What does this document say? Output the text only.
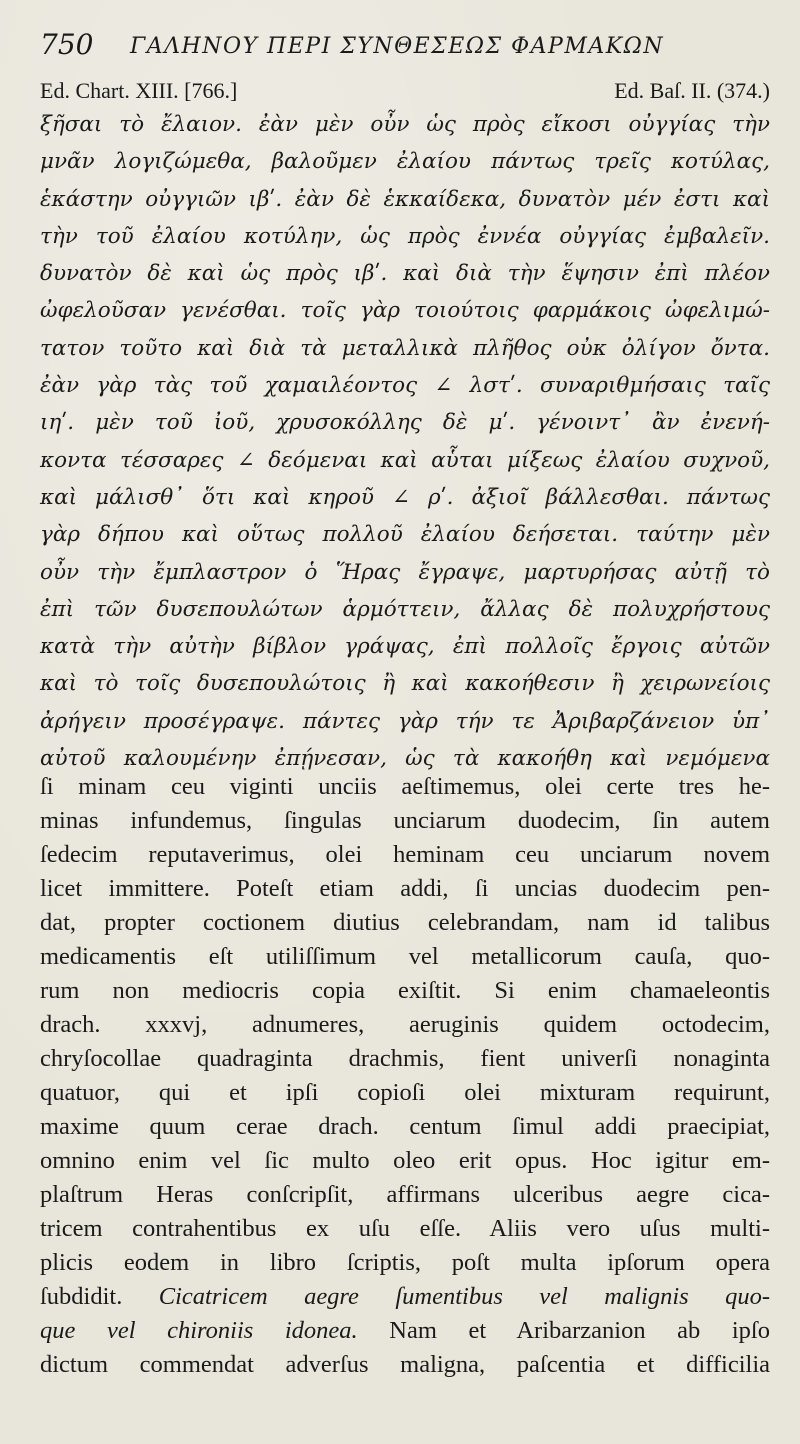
750 ΓΑΛΗΝΟΥ ΠΕΡΙ ΣΥΝΘΕΣΕΩΣ ΦΑΡΜΑΚΩΝ
Ed. Chart. XIII. [766.]	Ed. Baſ. II. (374.)
ξῆσαι τὸ ἔλαιον. ἐὰν μὲν οὖν ὡς πρὸς εἴκοσι οὐγγίας τὴν
μνᾶν λογιζώμεθα, βαλοῦμεν ἐλαίου πάντως τρεῖς κοτύλας,
ἑκάστην οὐγγιῶν ιβʹ. ἐὰν δὲ ἑκκαίδεκα, δυνατὸν μέν ἐστι καὶ
τὴν τοῦ ἐλαίου κοτύλην, ὡς πρὸς ἐννέα οὐγγίας ἐμβαλεῖν.
δυνατὸν δὲ καὶ ὡς πρὸς ιβʹ. καὶ διὰ τὴν ἕψησιν ἐπὶ πλέον
ὠφελοῦσαν γενέσθαι. τοῖς γὰρ τοιούτοις φαρμάκοις ὠφελιμώ-
τατον τοῦτο καὶ διὰ τὰ μεταλλικὰ πλῆθος οὐκ ὀλίγον ὄντα.
ἐὰν γὰρ τὰς τοῦ χαμαιλέοντος ∠ λστʹ. συναριθμήσαις ταῖς
ιηʹ. μὲν τοῦ ἰοῦ, χρυσοκόλλης δὲ μʹ. γένοιντ᾽ ἂν ἐνενή-
κοντα τέσσαρες ∠ δεόμεναι καὶ αὗται μίξεως ἐλαίου συχνοῦ,
καὶ μάλισθ᾽ ὅτι καὶ κηροῦ ∠ ρʹ. ἀξιοῖ βάλλεσθαι. πάντως
γὰρ δήπου καὶ οὕτως πολλοῦ ἐλαίου δεήσεται. ταύτην μὲν
οὖν τὴν ἔμπλαστρον ὁ Ἥρας ἔγραψε, μαρτυρήσας αὐτῇ τὸ
ἐπὶ τῶν δυσεπουλώτων ἁρμόττειν, ἄλλας δὲ πολυχρήστους
κατὰ τὴν αὐτὴν βίβλον γράψας, ἐπὶ πολλοῖς ἔργοις αὐτῶν
καὶ τὸ τοῖς δυσεπουλώτοις ἢ καὶ κακοήθεσιν ἢ χειρωνείοις
ἀρήγειν προσέγραψε. πάντες γὰρ τήν τε Ἀριβαρζάνειον ὑπ᾽
αὐτοῦ καλουμένην ἐπῄνεσαν, ὡς τὰ κακοήθη καὶ νεμόμενα
ſi minam ceu viginti unciis aeſtimemus, olei certe tres he-
minas infundemus, ſingulas unciarum duodecim, ſin autem
ſedecim reputaverimus, olei heminam ceu unciarum novem
licet immittere. Poteſt etiam addi, ſi uncias duodecim pen-
dat, propter coctionem diutius celebrandam, nam id talibus
medicamentis eſt utiliſſimum vel metallicorum cauſa, quo-
rum non mediocris copia exiſtit. Si enim chamaeleontis
drach. xxxvj, adnumeres, aeruginis quidem octodecim,
chryſocollae quadraginta drachmis, fient univerſi nonaginta
quatuor, qui et ipſi copioſi olei mixturam requirunt,
maxime quum cerae drach. centum ſimul addi praecipiat,
omnino enim vel ſic multo oleo erit opus. Hoc igitur em-
plaſtrum Heras conſcripſit, affirmans ulceribus aegre cica-
tricem contrahentibus ex uſu eſſe. Aliis vero uſus multi-
plicis eodem in libro ſcriptis, poſt multa ipſorum opera
ſubdidit. Cicatricem aegre ſumentibus vel malignis quo-
que vel chironiis idonea. Nam et Aribarzanion ab ipſo
dictum commendat adverſus maligna, paſcentia et difficilia
